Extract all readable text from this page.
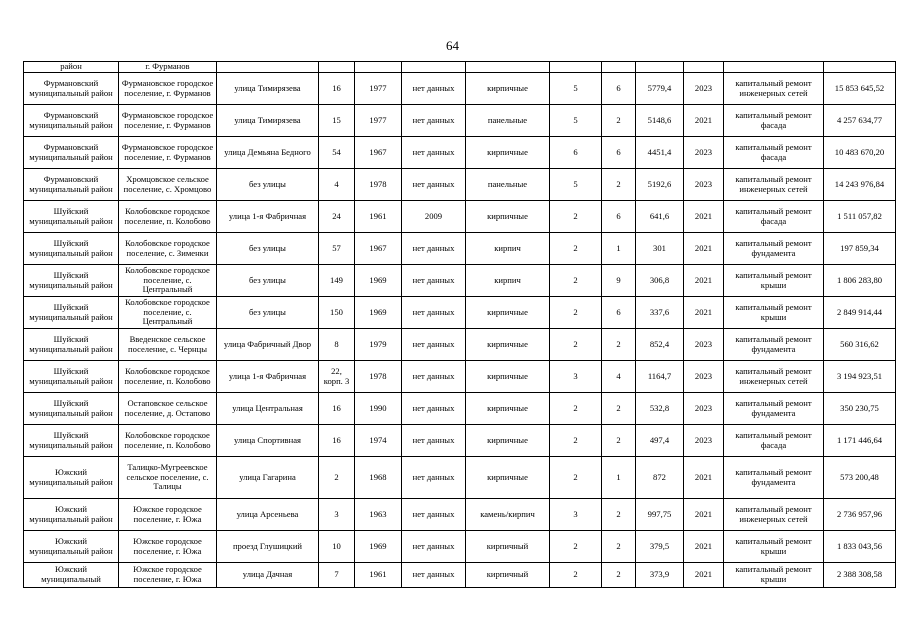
64
район	г. Фурманов											
Фурмановский муниципальный район	Фурмановское городское поселение, г. Фурманов	улица Тимирязева	16	1977	нет данных	кирпичные	5	6	5779,4	2023	капитальный ремонт инженерных сетей	15 853 645,52
Фурмановский муниципальный район	Фурмановское городское поселение, г. Фурманов	улица Тимирязева	15	1977	нет данных	панельные	5	2	5148,6	2021	капитальный ремонт фасада	4 257 634,77
Фурмановский муниципальный район	Фурмановское городское поселение, г. Фурманов	улица Демьяна Бедного	54	1967	нет данных	кирпичные	6	6	4451,4	2023	капитальный ремонт фасада	10 483 670,20
Фурмановский муниципальный район	Хромцовское сельское поселение, с. Хромцово	без улицы	4	1978	нет данных	панельные	5	2	5192,6	2023	капитальный ремонт инженерных сетей	14 243 976,84
Шуйский муниципальный район	Колобовское городское поселение, п. Колобово	улица 1-я Фабричная	24	1961	2009	кирпичные	2	6	641,6	2021	капитальный ремонт фасада	1 511 057,82
Шуйский муниципальный район	Колобовское городское поселение, с. Зименки	без улицы	57	1967	нет данных	кирпич	2	1	301	2021	капитальный ремонт фундамента	197 859,34
Шуйский муниципальный район	Колобовское городское поселение, с. Центральный	без улицы	149	1969	нет данных	кирпич	2	9	306,8	2021	капитальный ремонт крыши	1 806 283,80
Шуйский муниципальный район	Колобовское городское поселение, с. Центральный	без улицы	150	1969	нет данных	кирпичные	2	6	337,6	2021	капитальный ремонт крыши	2 849 914,44
Шуйский муниципальный район	Введенское сельское поселение, с. Чернцы	улица Фабричный Двор	8	1979	нет данных	кирпичные	2	2	852,4	2023	капитальный ремонт фундамента	560 316,62
Шуйский муниципальный район	Колобовское городское поселение, п. Колобово	улица 1-я Фабричная	22, корп. 3	1978	нет данных	кирпичные	3	4	1164,7	2023	капитальный ремонт инженерных сетей	3 194 923,51
Шуйский муниципальный район	Остаповское сельское поселение, д. Остапово	улица Центральная	16	1990	нет данных	кирпичные	2	2	532,8	2023	капитальный ремонт фундамента	350 230,75
Шуйский муниципальный район	Колобовское городское поселение, п. Колобово	улица Спортивная	16	1974	нет данных	кирпичные	2	2	497,4	2023	капитальный ремонт фасада	1 171 446,64
Южский муниципальный район	Талицко-Мугреевское сельское поселение, с. Талицы	улица Гагарина	2	1968	нет данных	кирпичные	2	1	872	2021	капитальный ремонт фундамента	573 200,48
Южский муниципальный район	Южское городское поселение, г. Южа	улица Арсеньева	3	1963	нет данных	камень/кирпич	3	2	997,75	2021	капитальный ремонт инженерных сетей	2 736 957,96
Южский муниципальный район	Южское городское поселение, г. Южа	проезд Глушицкий	10	1969	нет данных	кирпичный	2	2	379,5	2021	капитальный ремонт крыши	1 833 043,56
Южский муниципальный	Южское городское поселение, г. Южа	улица Дачная	7	1961	нет данных	кирпичный	2	2	373,9	2021	капитальный ремонт крыши	2 388 308,58
